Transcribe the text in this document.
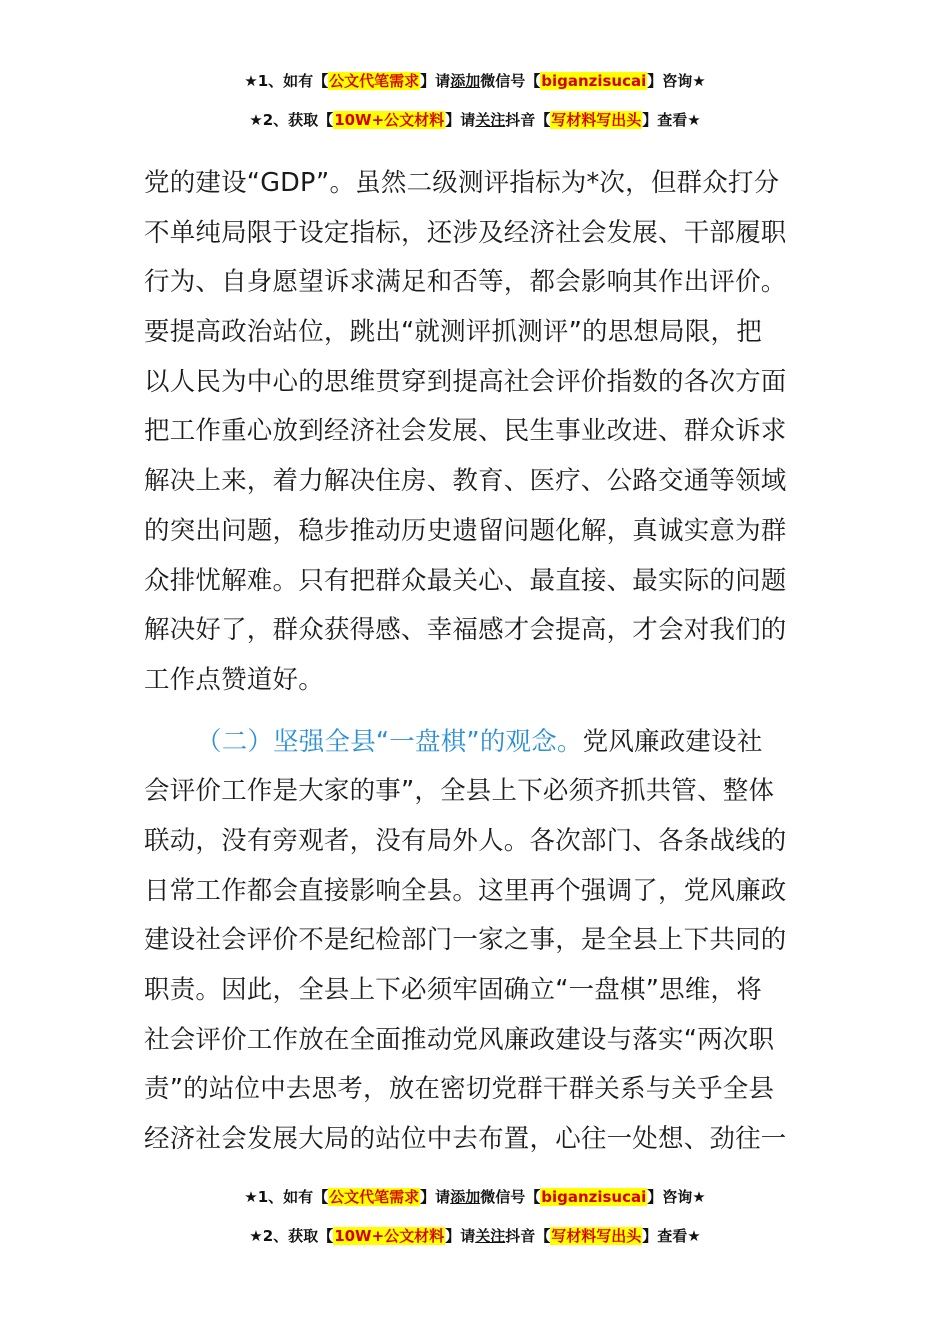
★1、如有【公文代笔需求】请添加微信号【biganzisucai】咨询★
★2、获取【10W+公文材料】请关注抖音【写材料写出头】查看★
党的建设“GDP”。虽然二级测评指标为*次，但群众打分
不单纯局限于设定指标，还涉及经济社会发展、干部履职
行为、自身愿望诉求满足和否等，都会影响其作出评价。
要提高政治站位，跳出“就测评抓测评”的思想局限，把
以人民为中心的思维贯穿到提高社会评价指数的各次方面
把工作重心放到经济社会发展、民生事业改进、群众诉求
解决上来，着力解决住房、教育、医疗、公路交通等领域
的突出问题，稳步推动历史遗留问题化解，真诚实意为群
众排忧解难。只有把群众最关心、最直接、最实际的问题
解决好了，群众获得感、幸福感才会提高，才会对我们的
工作点赞道好。
（二）坚强全县“一盘棋”的观念。党风廉政建设社
会评价工作是大家的事”，全县上下必须齐抓共管、整体
联动，没有旁观者，没有局外人。各次部门、各条战线的
日常工作都会直接影响全县。这里再个强调了，党风廉政
建设社会评价不是纪检部门一家之事，是全县上下共同的
职责。因此，全县上下必须牢固确立“一盘棋”思维，将
社会评价工作放在全面推动党风廉政建设与落实“两次职
责”的站位中去思考，放在密切党群干群关系与关乎全县
经济社会发展大局的站位中去布置，心往一处想、劲往一
★1、如有【公文代笔需求】请添加微信号【biganzisucai】咨询★
★2、获取【10W+公文材料】请关注抖音【写材料写出头】查看★
